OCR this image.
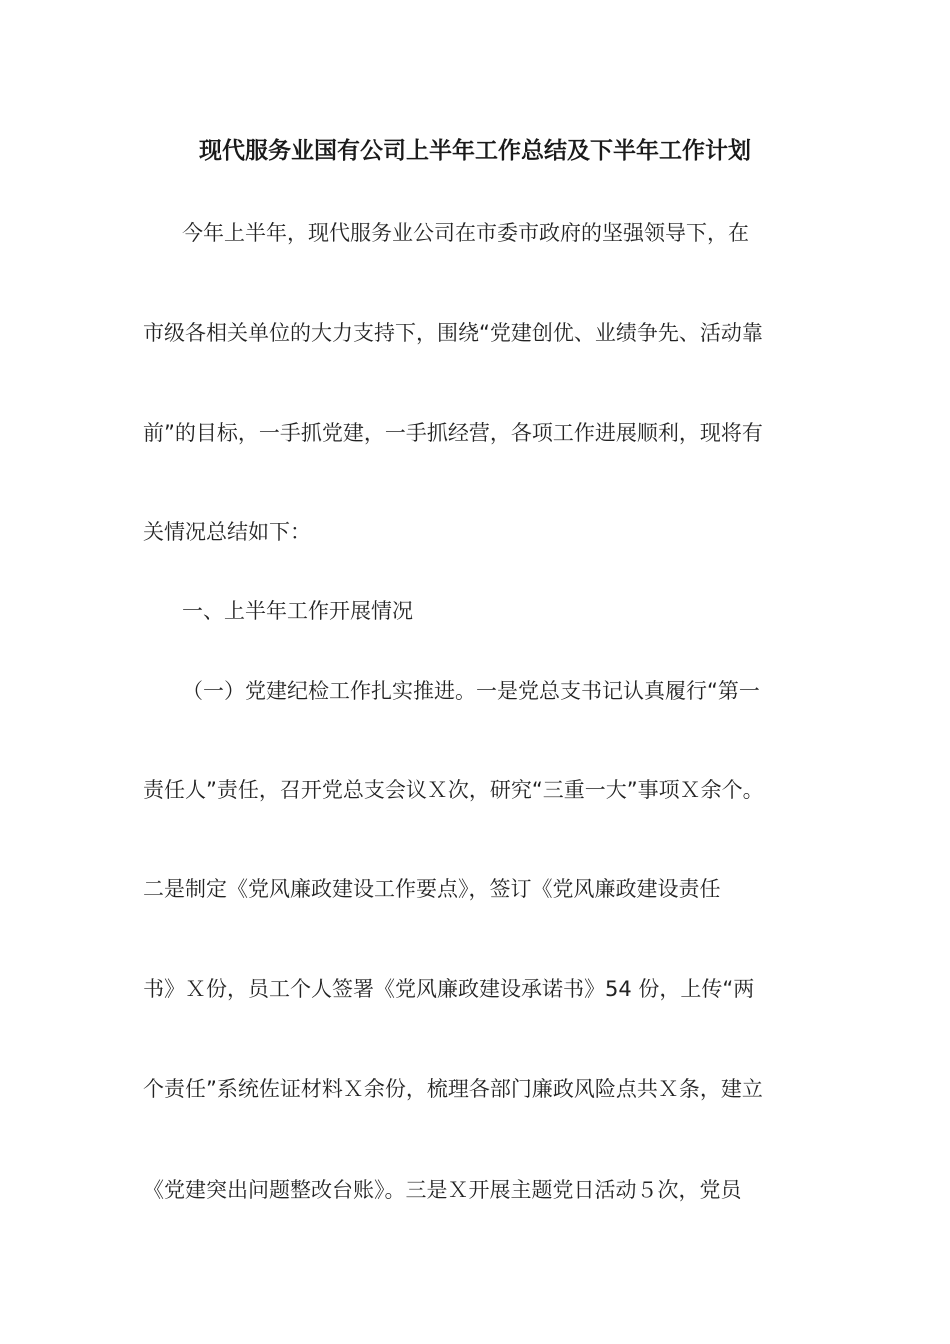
现代服务业国有公司上半年工作总结及下半年工作计划
今年上半年，现代服务业公司在市委市政府的坚强领导下，在
市级各相关单位的大力支持下，围绕“党建创优、业绩争先、活动靠
前”的目标，一手抓党建，一手抓经营，各项工作进展顺利，现将有
关情况总结如下：
一、上半年工作开展情况
（一）党建纪检工作扎实推进。一是党总支书记认真履行“第一
责任人”责任，召开党总支会议Ｘ次，研究“三重一大”事项Ｘ余个。
二是制定《党风廉政建设工作要点》，签订《党风廉政建设责任
书》Ｘ份，员工个人签署《党风廉政建设承诺书》54 份，上传“两
个责任”系统佐证材料Ｘ余份，梳理各部门廉政风险点共Ｘ条，建立
《党建突出问题整改台账》。三是Ｘ开展主题党日活动５次，党员
